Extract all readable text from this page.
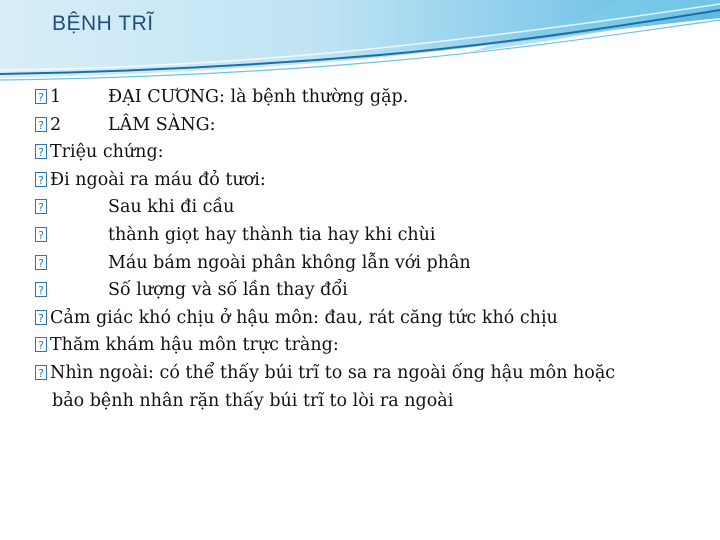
BỆNH TRĨ
?1	ĐẠI CƯƠNG: là bệnh thường gặp.
?2	LÂM SÀNG:
?Triệu chứng:
?Đi ngoài ra máu đỏ tươi:
?
Sau khi đi cầu
?
thành giọt hay thành tia hay khi chùi
?
Máu bám ngoài phân không lẫn với phân
?
Số lượng và số lần thay đổi
?Cảm giác khó chịu ở hậu môn: đau, rát căng tức khó chịu
?Thăm khám hậu môn trực tràng:
?Nhìn ngoài: có thể thấy búi trĩ to sa ra ngoài ống hậu môn hoặc
bảo bệnh nhân rặn thấy búi trĩ to lòi ra ngoài
